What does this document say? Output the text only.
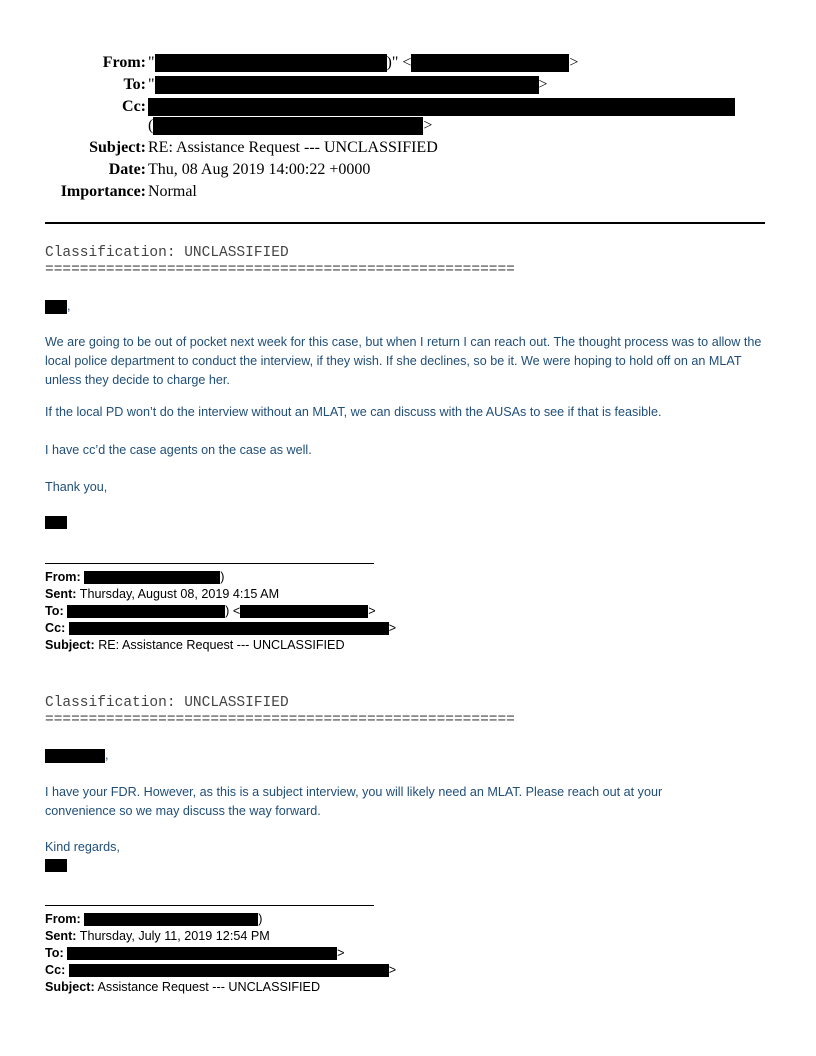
From: "	)" <	>
To: "	>
Cc:
(	>
Subject: RE: Assistance Request --- UNCLASSIFIED
Date: Thu, 08 Aug 2019 14:00:22 +0000
Importance: Normal
Classification: UNCLASSIFIED
======================================================
,
We are going to be out of pocket next week for this case, but when I return I can reach out. The thought process was to allow the local police department to conduct the interview, if they wish. If she declines, so be it. We were hoping to hold off on an MLAT unless they decide to charge her.
If the local PD won’t do the interview without an MLAT, we can discuss with the AUSAs to see if that is feasible.
I have cc’d the case agents on the case as well.
Thank you,
From:	)
Sent: Thursday, August 08, 2019 4:15 AM
To:	) <	>
Cc:	>
Subject: RE: Assistance Request --- UNCLASSIFIED
Classification: UNCLASSIFIED
======================================================
,
I have your FDR. However, as this is a subject interview, you will likely need an MLAT. Please reach out at your convenience so we may discuss the way forward.
Kind regards,
From:	)
Sent: Thursday, July 11, 2019 12:54 PM
To:	>
Cc:	>
Subject: Assistance Request --- UNCLASSIFIED
